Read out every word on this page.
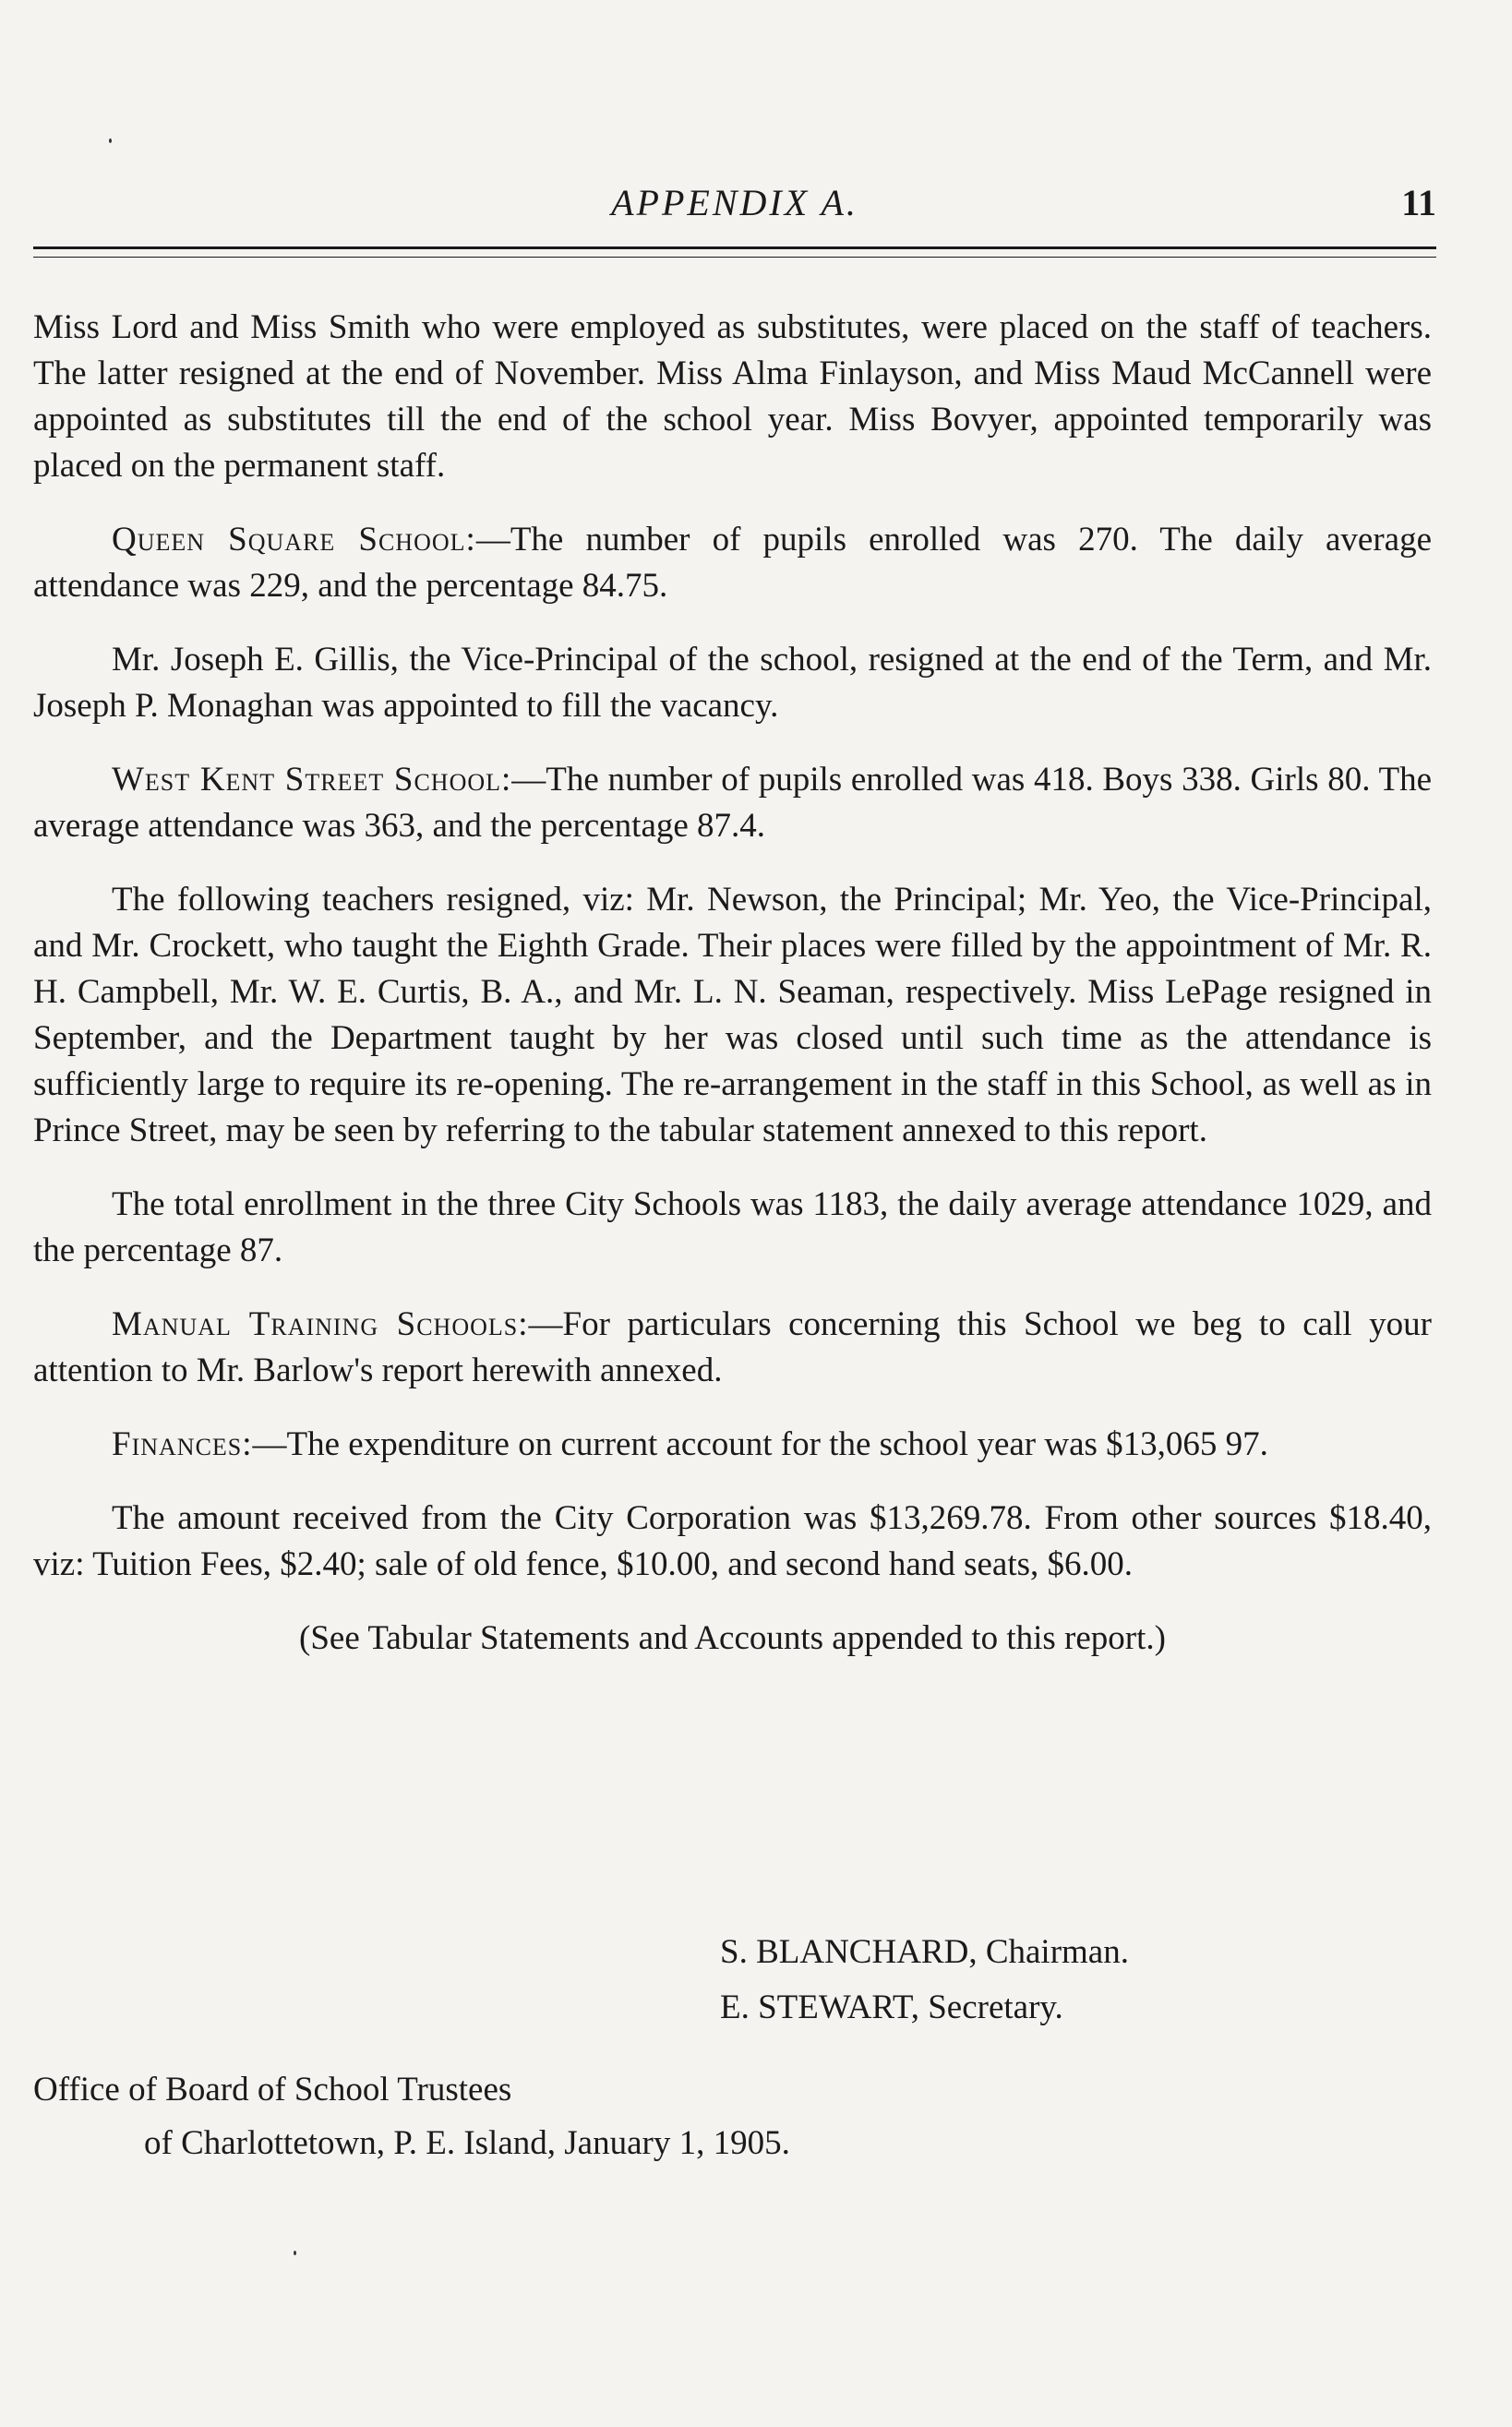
APPENDIX A.	11

Miss Lord and Miss Smith who were employed as substitutes, were placed on the staff of teachers. The latter resigned at the end of November. Miss Alma Finlayson, and Miss Maud McCannell were appointed as substitutes till the end of the school year. Miss Bovyer, appointed temporarily was placed on the permanent staff.

Queen Square School:—The number of pupils enrolled was 270. The daily average attendance was 229, and the percentage 84.75.

Mr. Joseph E. Gillis, the Vice-Principal of the school, resigned at the end of the Term, and Mr. Joseph P. Monaghan was appointed to fill the vacancy.

West Kent Street School:—The number of pupils enrolled was 418. Boys 338. Girls 80. The average attendance was 363, and the percentage 87.4.

The following teachers resigned, viz: Mr. Newson, the Principal; Mr. Yeo, the Vice-Principal, and Mr. Crockett, who taught the Eighth Grade. Their places were filled by the appointment of Mr. R. H. Campbell, Mr. W. E. Curtis, B. A., and Mr. L. N. Seaman, respectively. Miss LePage resigned in September, and the Department taught by her was closed until such time as the attendance is sufficiently large to require its re-opening. The re-arrangement in the staff in this School, as well as in Prince Street, may be seen by referring to the tabular statement annexed to this report.

The total enrollment in the three City Schools was 1183, the daily average attendance 1029, and the percentage 87.

Manual Training Schools:—For particulars concerning this School we beg to call your attention to Mr. Barlow's report herewith annexed.

Finances:—The expenditure on current account for the school year was $13,065 97.

The amount received from the City Corporation was $13,269.78. From other sources $18.40, viz: Tuition Fees, $2.40; sale of old fence, $10.00, and second hand seats, $6.00.

(See Tabular Statements and Accounts appended to this report.)

S. BLANCHARD, Chairman.
E. STEWART, Secretary.
Office of Board of School Trustees
of Charlottetown, P. E. Island, January 1, 1905.
